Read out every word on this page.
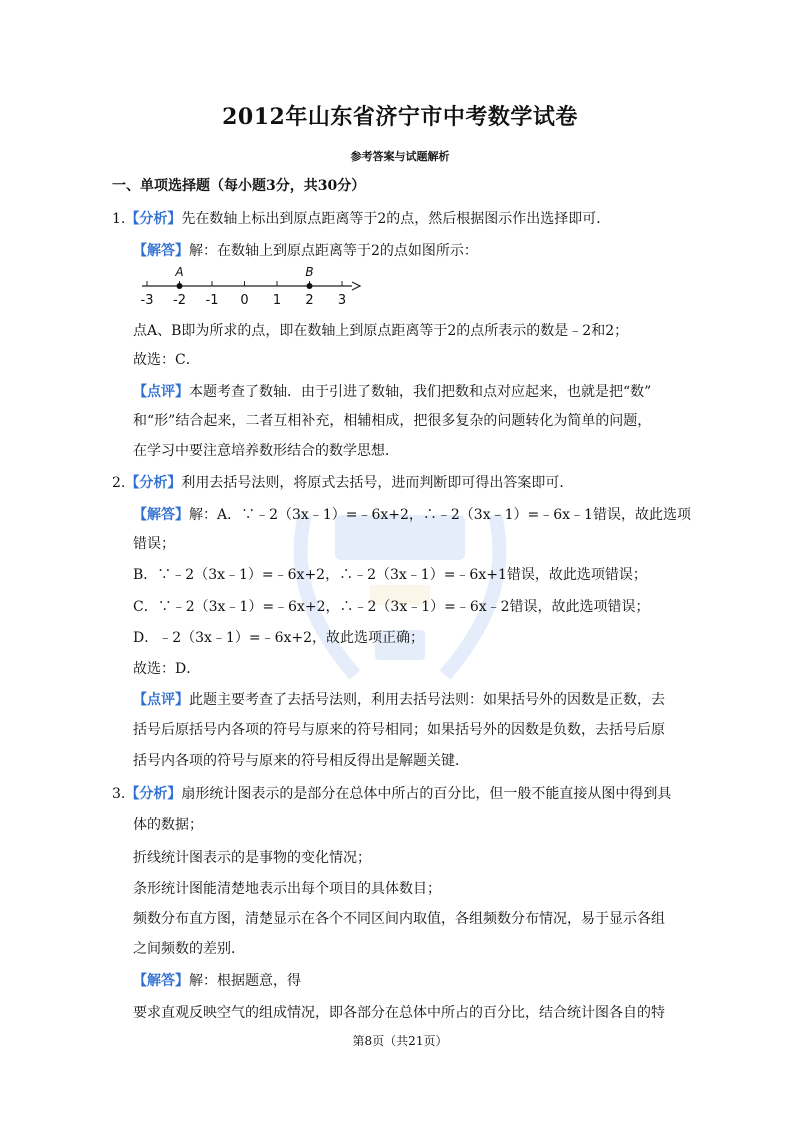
2012年山东省济宁市中考数学试卷
参考答案与试题解析
一、单项选择题（每小题3分，共30分）
1.【分析】先在数轴上标出到原点距离等于2的点，然后根据图示作出选择即可．
【解答】解：在数轴上到原点距离等于2的点如图所示：
-3 -2 -1 0 1 2 3
A	B
点A、B即为所求的点，即在数轴上到原点距离等于2的点所表示的数是﹣2和2；
故选：C．
【点评】本题考查了数轴．由于引进了数轴，我们把数和点对应起来，也就是把“数”
和“形”结合起来，二者互相补充，相辅相成，把很多复杂的问题转化为简单的问题，
在学习中要注意培养数形结合的数学思想．
2.【分析】利用去括号法则，将原式去括号，进而判断即可得出答案即可．
【解答】解：A．∵﹣2（3x﹣1）=﹣6x+2，∴﹣2（3x﹣1）=﹣6x﹣1错误，故此选项
错误；
B．∵﹣2（3x﹣1）=﹣6x+2，∴﹣2（3x﹣1）=﹣6x+1错误，故此选项错误；
C．∵﹣2（3x﹣1）=﹣6x+2，∴﹣2（3x﹣1）=﹣6x﹣2错误，故此选项错误；
D．﹣2（3x﹣1）=﹣6x+2，故此选项正确；
故选：D．
【点评】此题主要考查了去括号法则，利用去括号法则：如果括号外的因数是正数，去
括号后原括号内各项的符号与原来的符号相同；如果括号外的因数是负数，去括号后原
括号内各项的符号与原来的符号相反得出是解题关键．
3.【分析】扇形统计图表示的是部分在总体中所占的百分比，但一般不能直接从图中得到具
体的数据；
折线统计图表示的是事物的变化情况；
条形统计图能清楚地表示出每个项目的具体数目；
频数分布直方图，清楚显示在各个不同区间内取值，各组频数分布情况，易于显示各组
之间频数的差别．
【解答】解：根据题意，得
要求直观反映空气的组成情况，即各部分在总体中所占的百分比，结合统计图各自的特
第8页（共21页）
